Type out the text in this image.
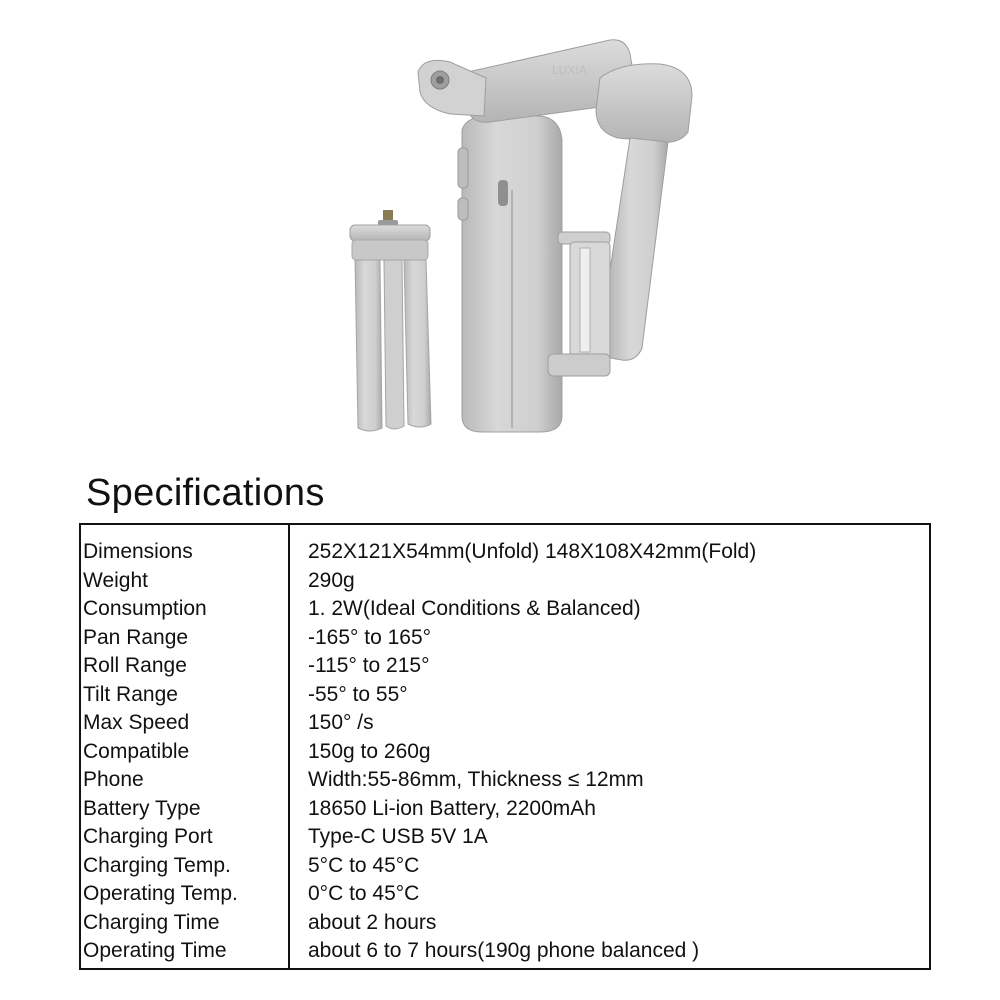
LUXIA
Specifications
Dimensions
Weight
Consumption
Pan Range
Roll Range
Tilt Range
Max Speed
Compatible
Phone
Battery Type
Charging Port
Charging Temp.
Operating Temp.
Charging Time
Operating Time
252X121X54mm(Unfold) 148X108X42mm(Fold)
290g
1. 2W(Ideal Conditions & Balanced)
-165° to 165°
-115° to 215°
-55° to 55°
150° /s
150g to 260g
Width:55-86mm, Thickness ≤ 12mm
18650 Li-ion Battery, 2200mAh
Type-C USB 5V 1A
5°C to 45°C
0°C to 45°C
about 2 hours
about 6 to 7 hours(190g phone balanced )
